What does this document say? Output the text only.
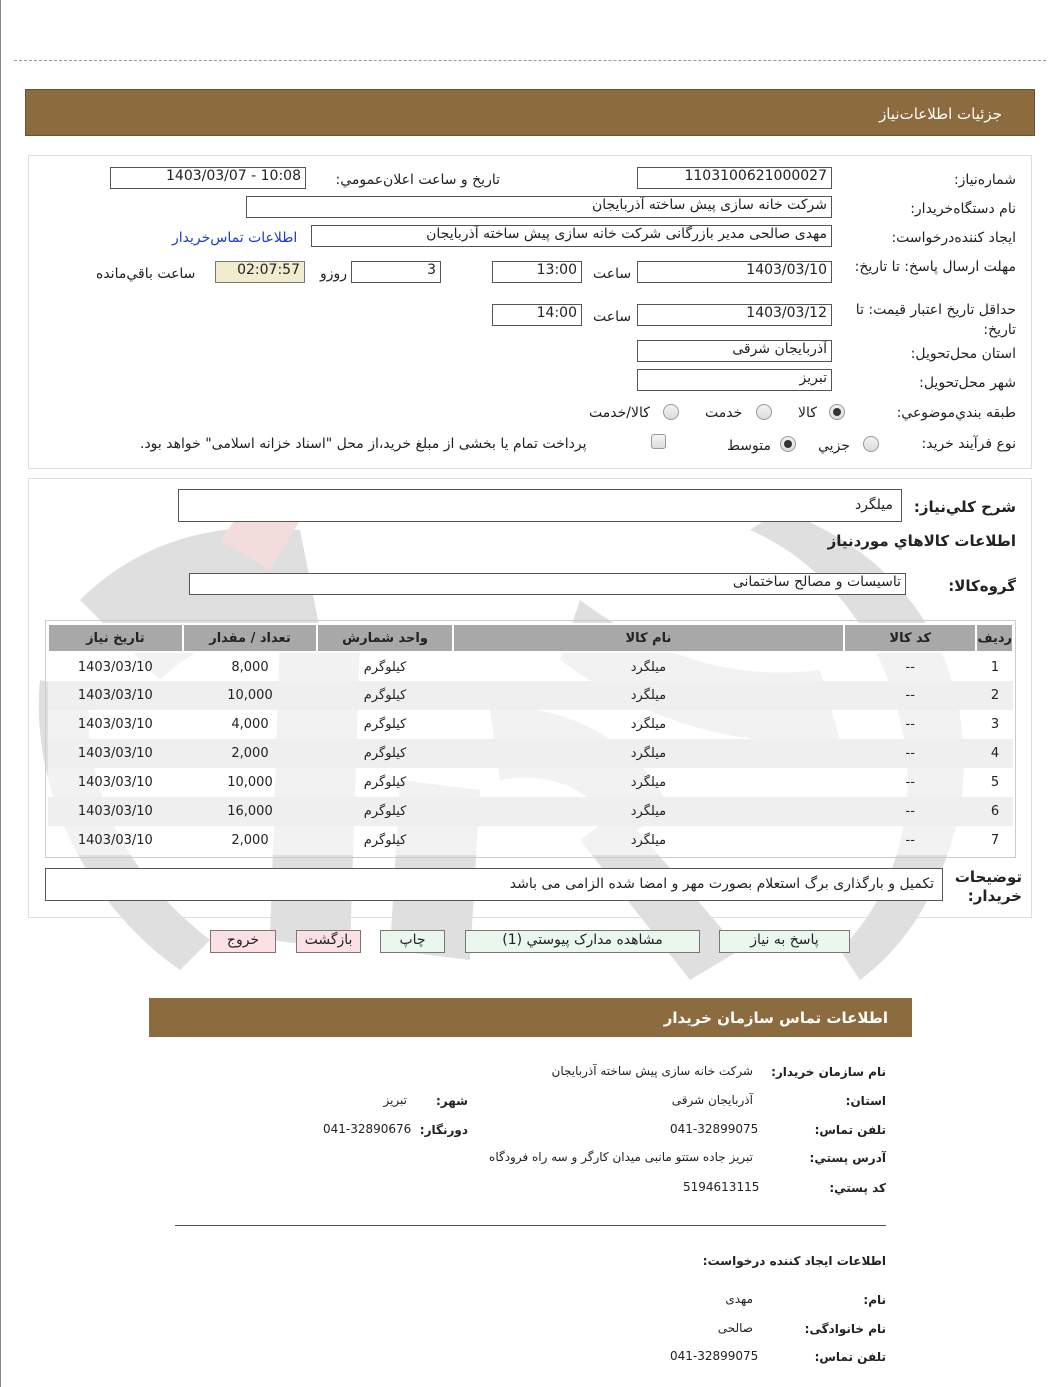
جزئيات اطلاعات‌نياز
شماره‌نياز:
1103100621000027
تاريخ و ساعت اعلان‌عمومي:
1403/03/07 - 10:08
نام دستگاه‌خريدار:
شرکت خانه سازی پیش ساخته آذربایجان
ايجاد کننده‌درخواست:
مهدی صالحی مدیر بازرگانی شرکت خانه سازی پیش ساخته آذربایجان
اطلاعات تماس‌خريدار
مهلت ارسال پاسخ: تا تاريخ:
1403/03/10
ساعت
13:00
3
روزو
02:07:57
ساعت باقي‌مانده
حداقل تاريخ اعتبار قيمت: تا تاريخ:
1403/03/12
ساعت
14:00
استان محل‌تحويل:
آذربایجان شرقی
شهر محل‌تحويل:
تبریز
طبقه بندي‌موضوعي:
کالا
خدمت
کالا/خدمت
نوع فرآيند خريد:
جزيي
متوسط
پرداخت تمام يا بخشی از مبلغ خريد،از محل "اسناد خزانه اسلامی" خواهد بود.
شرح کلي‌نياز:
میلگرد
اطلاعات کالاهاي موردنياز
گروه‌کالا:
تاسیسات و مصالح ساختمانی
رديف	کد کالا	نام کالا	واحد شمارش	تعداد / مقدار	تاريخ نياز
1	--	میلگرد	کیلوگرم	8,000	1403/03/10
2	--	میلگرد	کیلوگرم	10,000	1403/03/10
3	--	میلگرد	کیلوگرم	4,000	1403/03/10
4	--	میلگرد	کیلوگرم	2,000	1403/03/10
5	--	میلگرد	کیلوگرم	10,000	1403/03/10
6	--	میلگرد	کیلوگرم	16,000	1403/03/10
7	--	میلگرد	کیلوگرم	2,000	1403/03/10
توضيحات خريدار:
تکمیل و بارگذاری برگ استعلام بصورت مهر و امضا شده الزامی می باشد
پاسخ به نياز
مشاهده مدارک پيوستي (1)
چاپ
بازگشت
خروج
اطلاعات تماس سازمان خريدار
نام سازمان خريدار:
شرکت خانه سازی پیش ساخته آذربایجان
استان:
آذربایجان شرقی
شهر:
تبریز
تلفن تماس:
041-32899075
دورنگار:
041-32890676
آدرس پستي:
تبریز جاده ستتو مانبی میدان کارگر و سه راه فرودگاه
کد پستي:
5194613115
اطلاعات ایجاد کننده درخواست:
نام:
مهدی
نام خانوادگی:
صالحی
تلفن تماس:
041-32899075
